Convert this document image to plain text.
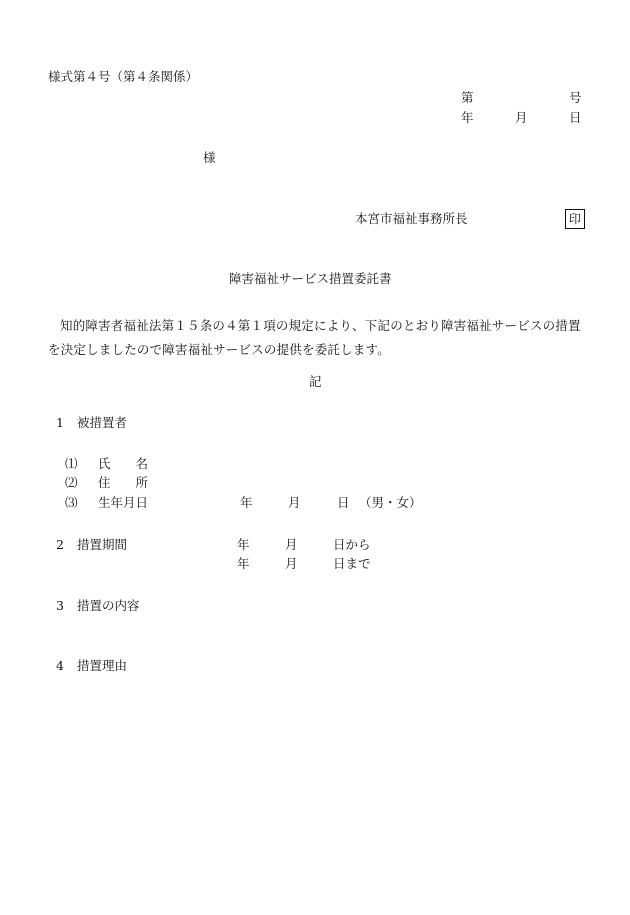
様式第４号（第４条関係）
第	号
年	月	日
様
本宮市福祉事務所長	印
障害福祉サービス措置委託書
知的障害者福祉法第１５条の４第１項の規定により、下記のとおり障害福祉サービスの措置を決定しましたので障害福祉サービスの提供を委託します。
記
1 被措置者
⑴ 氏　　名
⑵ 住　　所
⑶ 生年月日	年	月	日 （男・女）
2 措置期間	年	月	日から
年	月	日まで
3 措置の内容
4 措置理由
